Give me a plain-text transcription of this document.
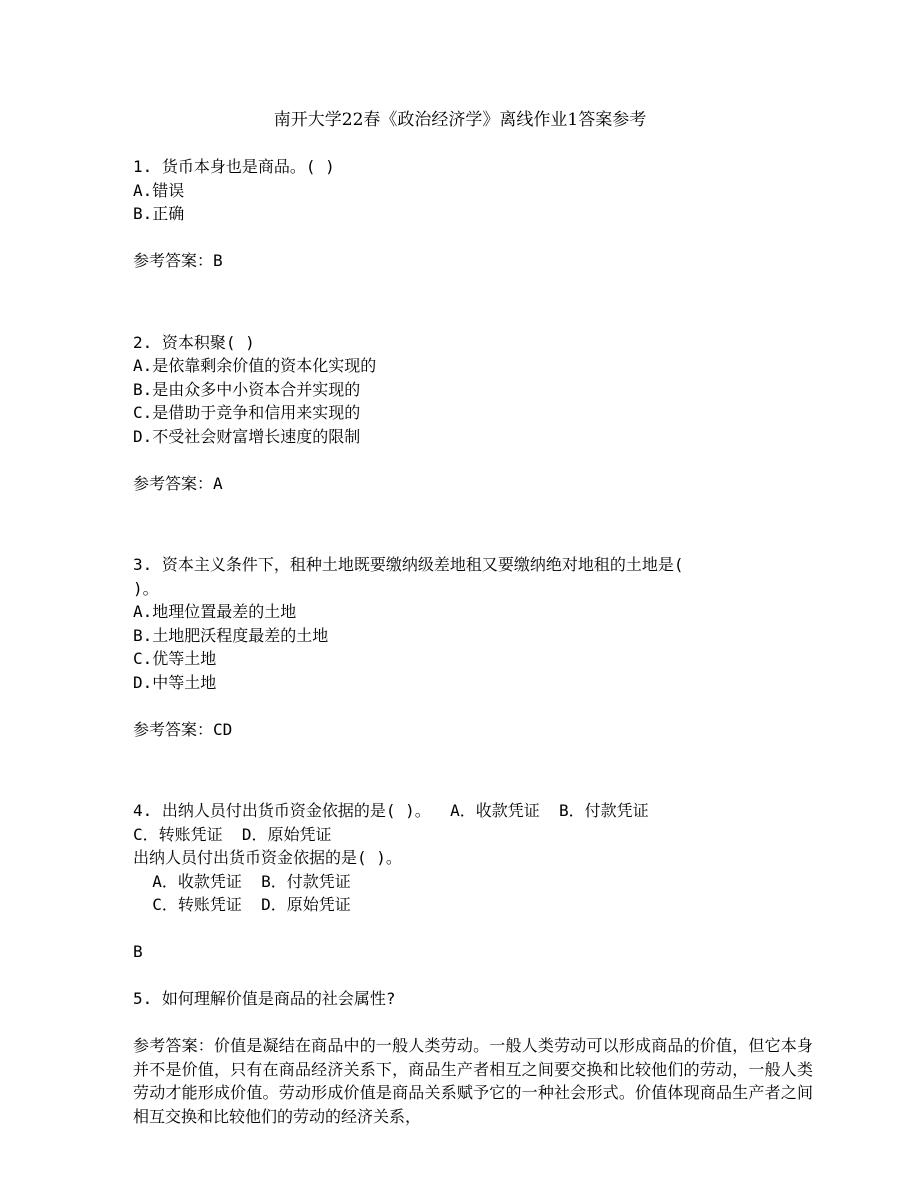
南开大学22春《政治经济学》离线作业1答案参考
1. 货币本身也是商品。( )
A.错误
B.正确
参考答案：B
2. 资本积聚( )
A.是依靠剩余价值的资本化实现的
B.是由众多中小资本合并实现的
C.是借助于竞争和信用来实现的
D.不受社会财富增长速度的限制
参考答案：A
3. 资本主义条件下，租种土地既要缴纳级差地租又要缴纳绝对地租的土地是(
)。
A.地理位置最差的土地
B.土地肥沃程度最差的土地
C.优等土地
D.中等土地
参考答案：CD
4. 出纳人员付出货币资金依据的是( )。  A．收款凭证  B．付款凭证
C．转账凭证  D．原始凭证
出纳人员付出货币资金依据的是( )。
A．收款凭证  B．付款凭证
C．转账凭证  D．原始凭证
B
5. 如何理解价值是商品的社会属性?
参考答案：价值是凝结在商品中的一般人类劳动。一般人类劳动可以形成商品的价值，但它本身并不是价值，只有在商品经济关系下，商品生产者相互之间要交换和比较他们的劳动，一般人类劳动才能形成价值。劳动形成价值是商品关系赋予它的一种社会形式。价值体现商品生产者之间相互交换和比较他们的劳动的经济关系，
